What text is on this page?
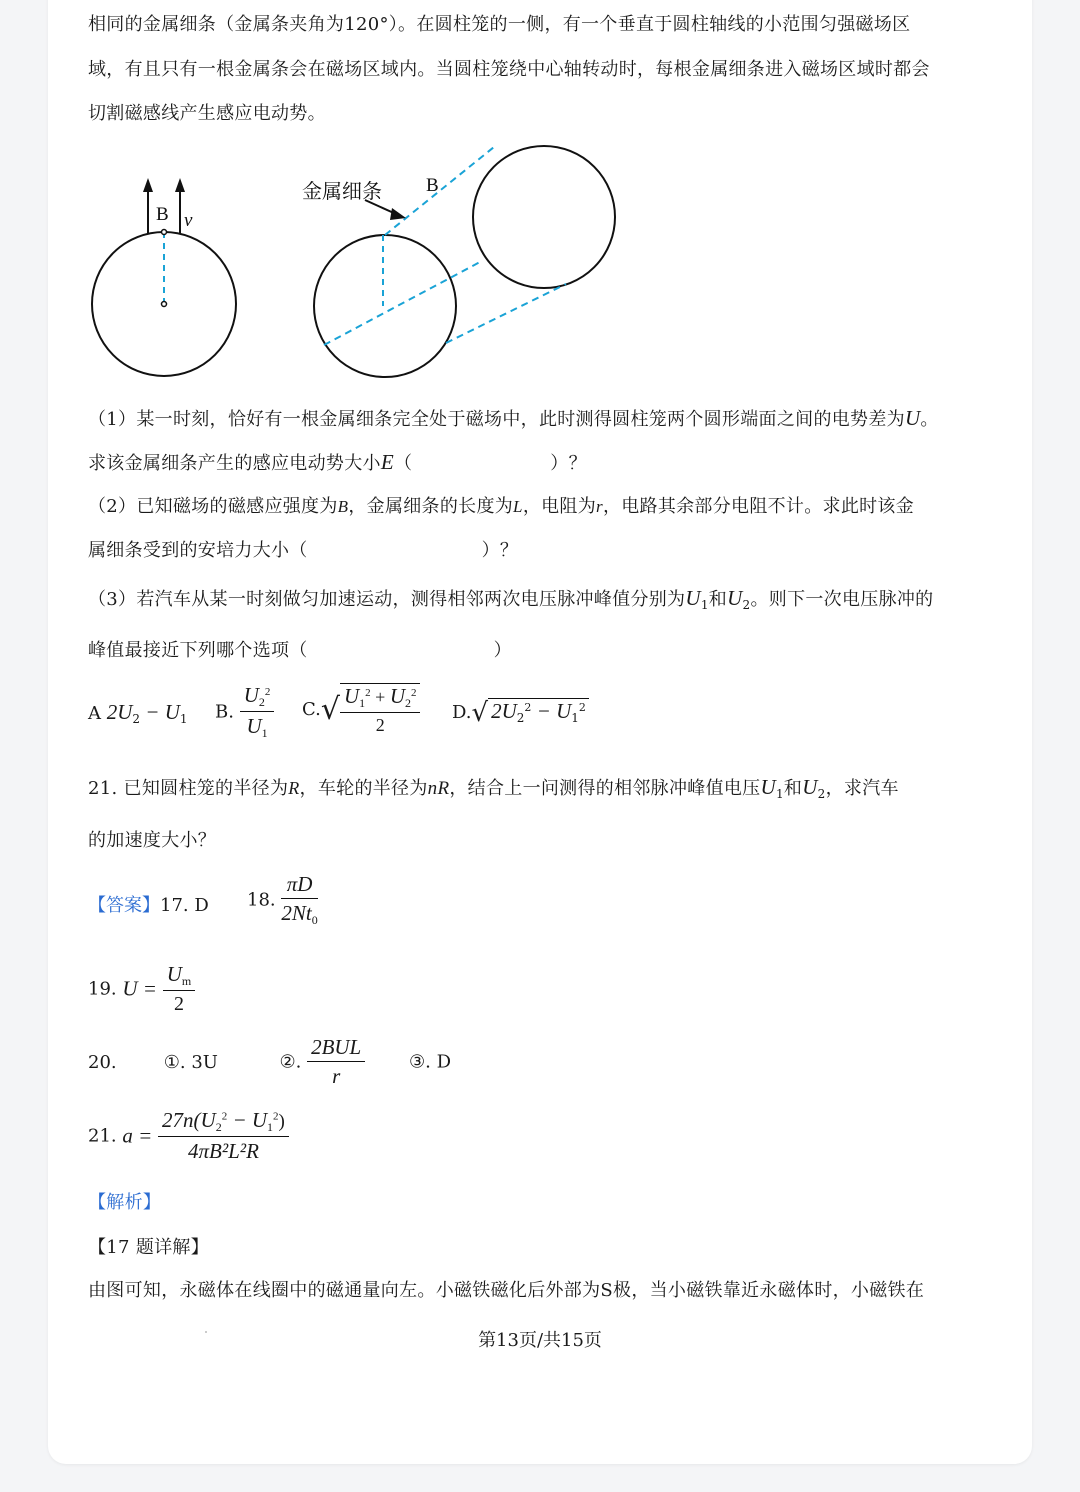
相同的金属细条（金属条夹角为120°）。在圆柱笼的一侧，有一个垂直于圆柱轴线的小范围匀强磁场区
域，有且只有一根金属条会在磁场区域内。当圆柱笼绕中心轴转动时，每根金属细条进入磁场区域时都会
切割磁感线产生感应电动势。
B v
金属细条 B
（1）某一时刻，恰好有一根金属细条完全处于磁场中，此时测得圆柱笼两个圆形端面之间的电势差为U。
求该金属细条产生的感应电动势大小E（	）？
（2）已知磁场的磁感应强度为B，金属细条的长度为L，电阻为r，电路其余部分电阻不计。求此时该金
属细条受到的安培力大小（	）？
（3）若汽车从某一时刻做匀加速运动，测得相邻两次电压脉冲峰值分别为$U_1$和$U_2$。则下一次电压脉冲的
峰值最接近下列哪个选项（	）
A $2U_2 - U_1$ B. $\frac{U_2^2}{U_1} C.√ \frac{U_1^2 + U_2^2}{2} D.√$ $2U_2^2 - U_1^2$
21. 已知圆柱笼的半径为R，车轮的半径为nR，结合上一问测得的相邻脉冲峰值电压$U_1$和$U_2$，求汽车
的加速度大小？
【答案】17. D 18. $\frac{\pi D}{2Nt_0}$
19. $U = \frac{U_m}{2}$
20.	①. 3U	②. $\frac{\text{2BUL}}{r}$ ③. D
21. $a = \frac{27n(U_2^2 - U_1^2)}{\text{4πB²L²R}}$
【解析】
【17 题详解】
由图可知，永磁体在线圈中的磁通量向左。小磁铁磁化后外部为S极，当小磁铁靠近永磁体时，小磁铁在
第13页/共15页
